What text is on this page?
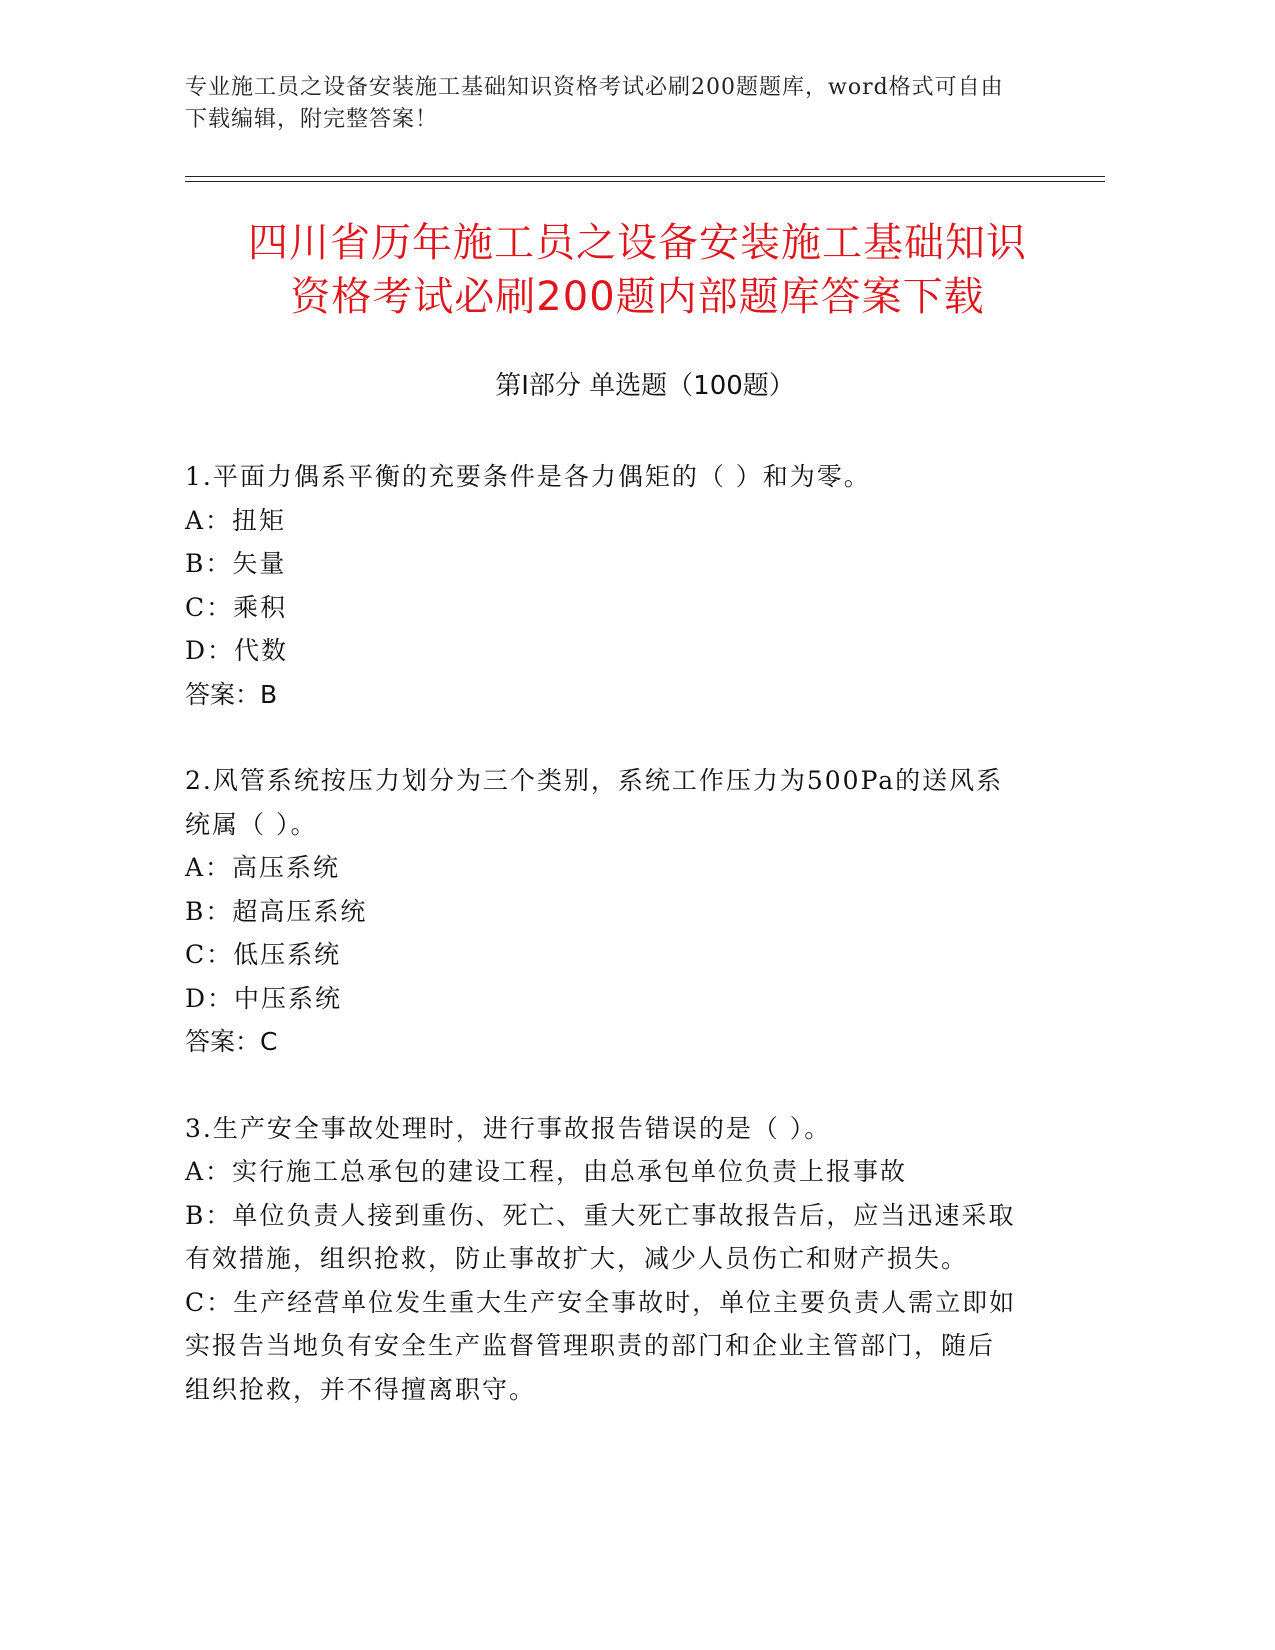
专业施工员之设备安装施工基础知识资格考试必刷200题题库，word格式可自由
下载编辑，附完整答案！
四川省历年施工员之设备安装施工基础知识
资格考试必刷200题内部题库答案下载
第Ⅰ部分 单选题（100题）
1.平面力偶系平衡的充要条件是各力偶矩的（ ）和为零。
A：扭矩
B：矢量
C：乘积
D：代数
答案：B
2.风管系统按压力划分为三个类别，系统工作压力为500Pa的送风系
统属（ ）。
A：高压系统
B：超高压系统
C：低压系统
D：中压系统
答案：C
3.生产安全事故处理时，进行事故报告错误的是（ ）。
A：实行施工总承包的建设工程，由总承包单位负责上报事故
B：单位负责人接到重伤、死亡、重大死亡事故报告后，应当迅速采取
有效措施，组织抢救，防止事故扩大，减少人员伤亡和财产损失。
C：生产经营单位发生重大生产安全事故时，单位主要负责人需立即如
实报告当地负有安全生产监督管理职责的部门和企业主管部门，随后
组织抢救，并不得擅离职守。
